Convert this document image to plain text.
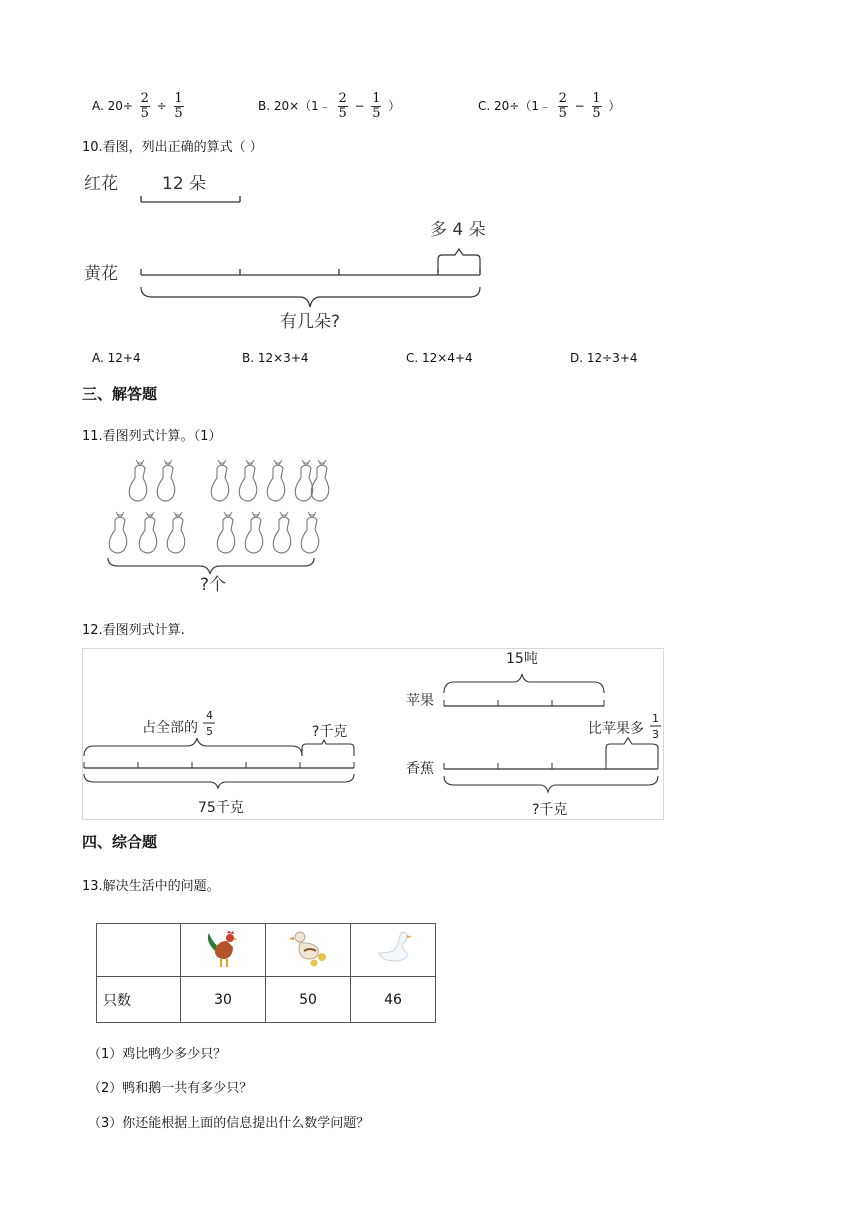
A. $20\div \frac{2}{5} \div \frac{1}{5}$	B. 20×（1﹣ $\frac{2}{5} - \frac{1}{5}$ ）	C. 20÷（1﹣ $\frac{2}{5} - \frac{1}{5}$ ）
10.看图，列出正确的算式（ ）
红花	12 朵
多 4 朵
黄花
有几朵?
A. 12+4	B. 12×3+4	C. 12×4+4	D. 12÷3+4
三、解答题
11.看图列式计算。（1）
?个
12.看图列式计算.
占全部的
4
5	?千克
75千克
15吨
苹果
比苹果多
1
3
香蕉
?千克
四、综合题
13.解决生活中的问题。

只数	30	50	46
（1）鸡比鸭少多少只？
（2）鸭和鹅一共有多少只？
（3）你还能根据上面的信息提出什么数学问题？
